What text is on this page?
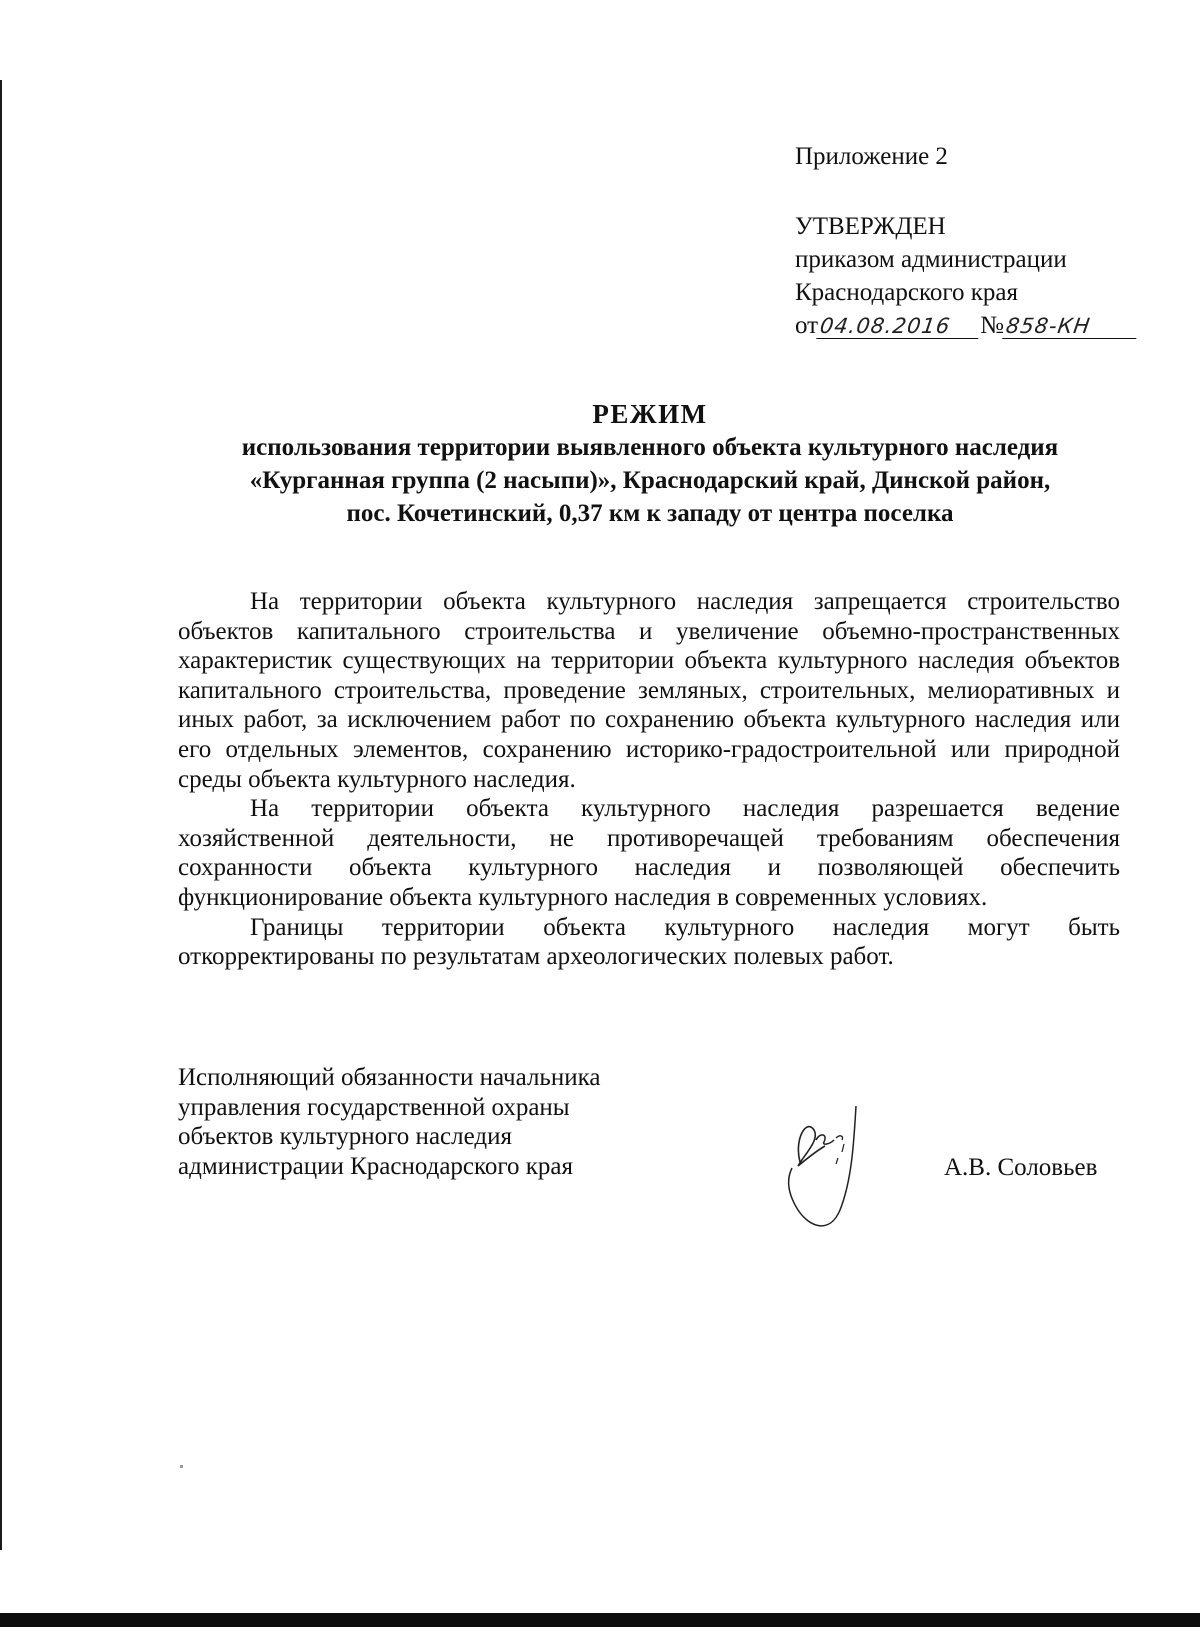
Приложение 2
УТВЕРЖДЕН
приказом администрации
Краснодарского края
от04.08.2016 №858-КН
РЕЖИМ
использования территории выявленного объекта культурного наследия
«Курганная группа (2 насыпи)», Краснодарский край, Динской район,
пос. Кочетинский, 0,37 км к западу от центра поселка

На территории объекта культурного наследия запрещается строительство объектов капитального строительства и увеличение объемно-пространственных характеристик существующих на территории объекта культурного наследия объектов капитального строительства, проведение земляных, строительных, мелиоративных и иных работ, за исключением работ по сохранению объекта культурного наследия или его отдельных элементов, сохранению историко-градостроительной или природной среды объекта культурного наследия.

На территории объекта культурного наследия разрешается ведение хозяйственной деятельности, не противоречащей требованиям обеспечения сохранности объекта культурного наследия и позволяющей обеспечить функционирование объекта культурного наследия в современных условиях.

Границы территории объекта культурного наследия могут быть откорректированы по результатам археологических полевых работ.

Исполняющий обязанности начальника
управления государственной охраны
объектов культурного наследия
администрации Краснодарского края	А.В. Соловьев
